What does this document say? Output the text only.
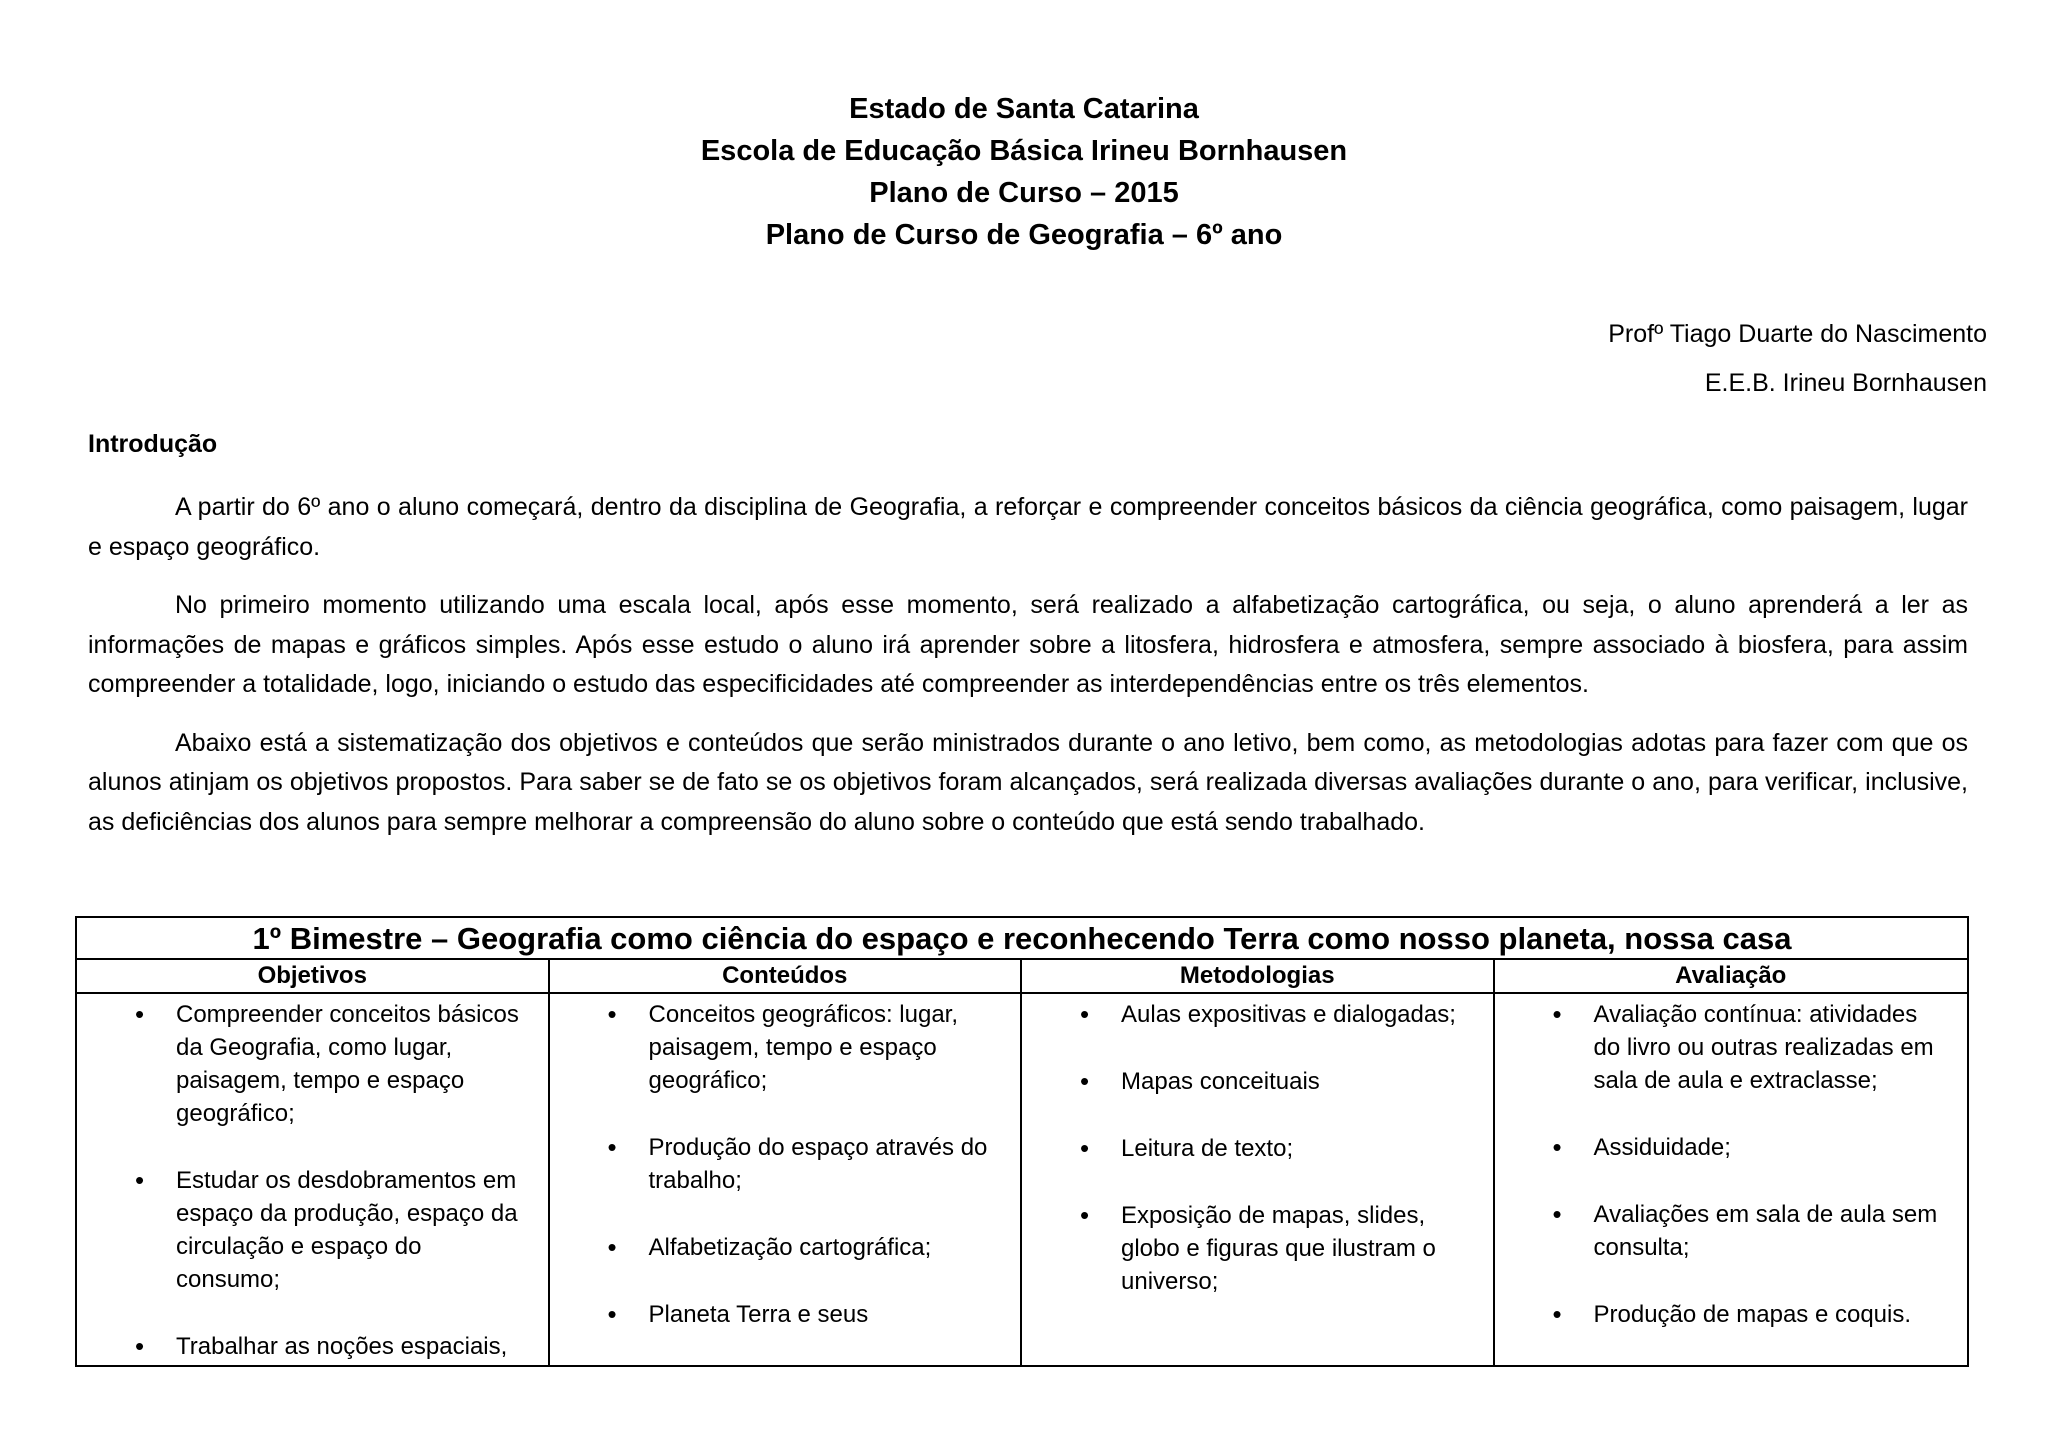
Estado de Santa Catarina
Escola de Educação Básica Irineu Bornhausen
Plano de Curso – 2015
Plano de Curso de Geografia – 6º ano
Profº Tiago Duarte do Nascimento
E.E.B. Irineu Bornhausen
Introdução

A partir do 6º ano o aluno começará, dentro da disciplina de Geografia, a reforçar e compreender conceitos básicos da ciência geográfica, como paisagem, lugar e espaço geográfico.

No primeiro momento utilizando uma escala local, após esse momento, será realizado a alfabetização cartográfica, ou seja, o aluno aprenderá a ler as informações de mapas e gráficos simples. Após esse estudo o aluno irá aprender sobre a litosfera, hidrosfera e atmosfera, sempre associado à biosfera, para assim compreender a totalidade, logo, iniciando o estudo das especificidades até compreender as interdependências entre os três elementos.

Abaixo está a sistematização dos objetivos e conteúdos que serão ministrados durante o ano letivo, bem como, as metodologias adotas para fazer com que os alunos atinjam os objetivos propostos. Para saber se de fato se os objetivos foram alcançados, será realizada diversas avaliações durante o ano, para verificar, inclusive, as deficiências dos alunos para sempre melhorar a compreensão do aluno sobre o conteúdo que está sendo trabalhado.

1º Bimestre – Geografia como ciência do espaço e reconhecendo Terra como nosso planeta, nossa casa
Objetivos
• Compreender conceitos básicos da Geografia, como lugar, paisagem, tempo e espaço geográfico;
• Estudar os desdobramentos em espaço da produção, espaço da circulação e espaço do consumo;
• Trabalhar as noções espaciais,
Conteúdos
• Conceitos geográficos: lugar, paisagem, tempo e espaço geográfico;
• Produção do espaço através do trabalho;
• Alfabetização cartográfica;
• Planeta Terra e seus
Metodologias
• Aulas expositivas e dialogadas;
• Mapas conceituais
• Leitura de texto;
• Exposição de mapas, slides, globo e figuras que ilustram o universo;
Avaliação
• Avaliação contínua: atividades do livro ou outras realizadas em sala de aula e extraclasse;
• Assiduidade;
• Avaliações em sala de aula sem consulta;
• Produção de mapas e coquis.
